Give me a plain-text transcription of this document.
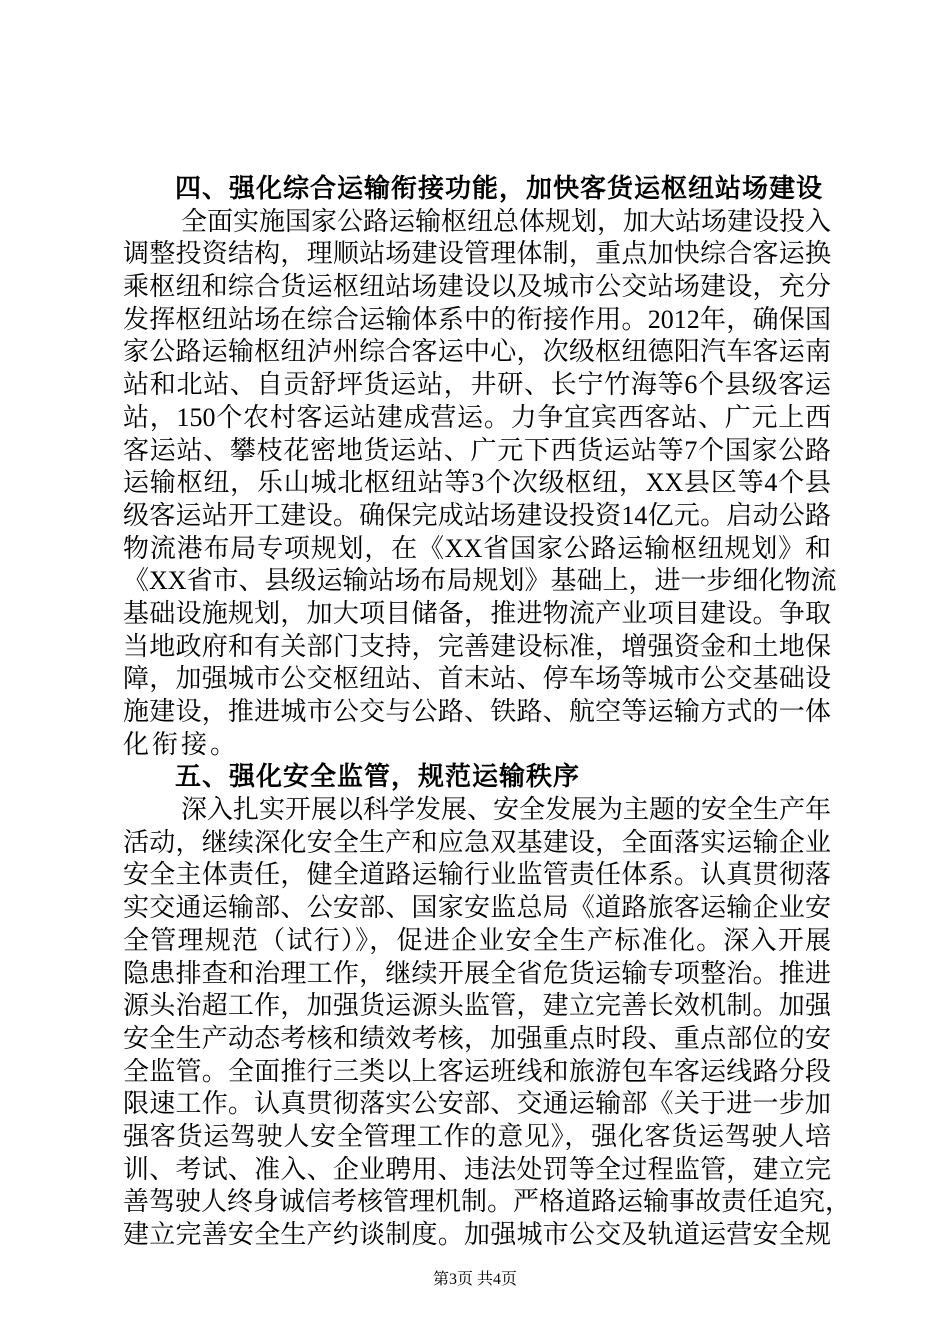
四、强化综合运输衔接功能，加快客货运枢纽站场建设
全面实施国家公路运输枢纽总体规划，加大站场建设投入
调整投资结构，理顺站场建设管理体制，重点加快综合客运换
乘枢纽和综合货运枢纽站场建设以及城市公交站场建设，充分
发挥枢纽站场在综合运输体系中的衔接作用。2012年，确保国
家公路运输枢纽泸州综合客运中心，次级枢纽德阳汽车客运南
站和北站、自贡舒坪货运站，井研、长宁竹海等6个县级客运
站，150个农村客运站建成营运。力争宜宾西客站、广元上西
客运站、攀枝花密地货运站、广元下西货运站等7个国家公路
运输枢纽，乐山城北枢纽站等3个次级枢纽，XX县区等4个县
级客运站开工建设。确保完成站场建设投资14亿元。启动公路
物流港布局专项规划，在《XX省国家公路运输枢纽规划》和
《XX省市、县级运输站场布局规划》基础上，进一步细化物流
基础设施规划，加大项目储备，推进物流产业项目建设。争取
当地政府和有关部门支持，完善建设标准，增强资金和土地保
障，加强城市公交枢纽站、首末站、停车场等城市公交基础设
施建设，推进城市公交与公路、铁路、航空等运输方式的一体
化衔接。
五、强化安全监管，规范运输秩序
深入扎实开展以科学发展、安全发展为主题的安全生产年
活动，继续深化安全生产和应急双基建设，全面落实运输企业
安全主体责任，健全道路运输行业监管责任体系。认真贯彻落
实交通运输部、公安部、国家安监总局《道路旅客运输企业安
全管理规范（试行）》，促进企业安全生产标准化。深入开展
隐患排查和治理工作，继续开展全省危货运输专项整治。推进
源头治超工作，加强货运源头监管，建立完善长效机制。加强
安全生产动态考核和绩效考核，加强重点时段、重点部位的安
全监管。全面推行三类以上客运班线和旅游包车客运线路分段
限速工作。认真贯彻落实公安部、交通运输部《关于进一步加
强客货运驾驶人安全管理工作的意见》，强化客货运驾驶人培
训、考试、准入、企业聘用、违法处罚等全过程监管，建立完
善驾驶人终身诚信考核管理机制。严格道路运输事故责任追究，
建立完善安全生产约谈制度。加强城市公交及轨道运营安全规
第3页 共4页
